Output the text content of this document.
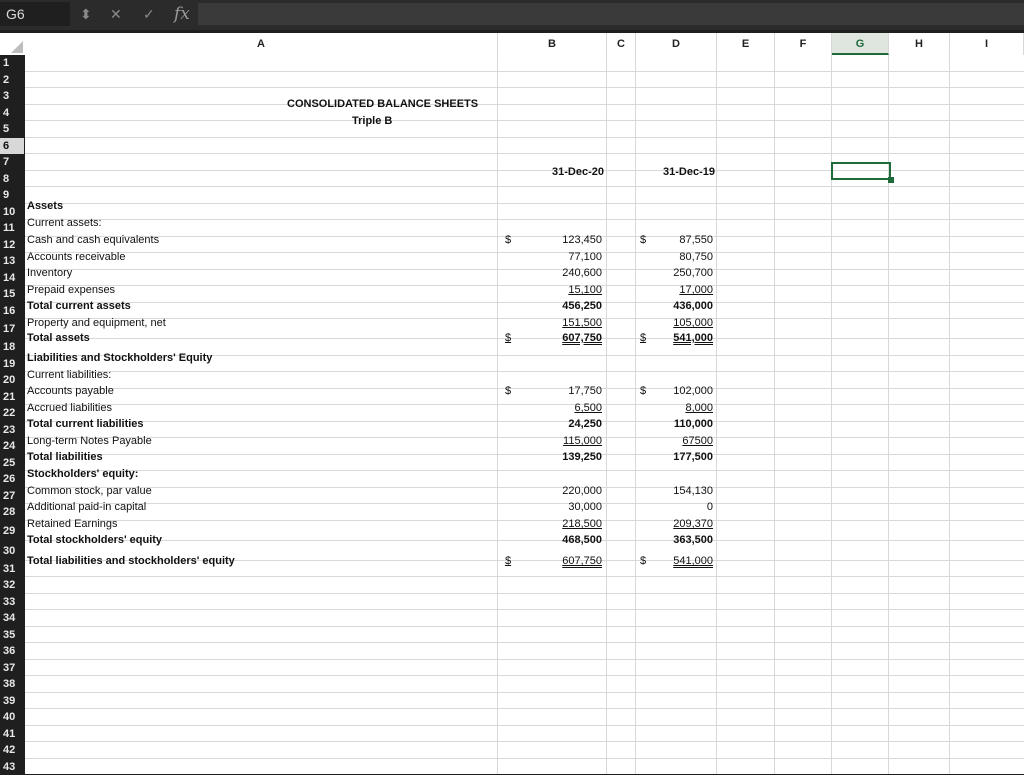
G6	⬍ ✕ ✓ fx
A	B	C	D	E	F	G	H	I
1
2
3
4
5
6
7
8
9
10
11
12
13
14
15
16
17
18
19
20
21
22
23
24
25
26
27
28
29
30
31
32
33
34
35
36
37
38
39
40
41
42
43
CONSOLIDATED BALANCE SHEETS
Triple B
31-Dec-20	31-Dec-19
Assets
Current assets:
Cash and cash equivalents	$	123,450	$	87,550
Accounts receivable	77,100	80,750
Inventory	240,600	250,700
Prepaid expenses	15,100	17,000
Total current assets	456,250	436,000
Property and equipment, net	151,500	105,000
Total assets	$	607,750	$	541,000
Liabilities and Stockholders' Equity
Current liabilities:
Accounts payable	$	17,750	$	102,000
Accrued liabilities	6,500	8,000
Total current liabilities	24,250	110,000
Long-term Notes Payable	115,000	67500
Total liabilities	139,250	177,500
Stockholders' equity:
Common stock, par value	220,000	154,130
Additional paid-in capital	30,000	0
Retained Earnings	218,500	209,370
Total stockholders' equity	468,500	363,500
Total liabilities and stockholders' equity	$	607,750	$	541,000
